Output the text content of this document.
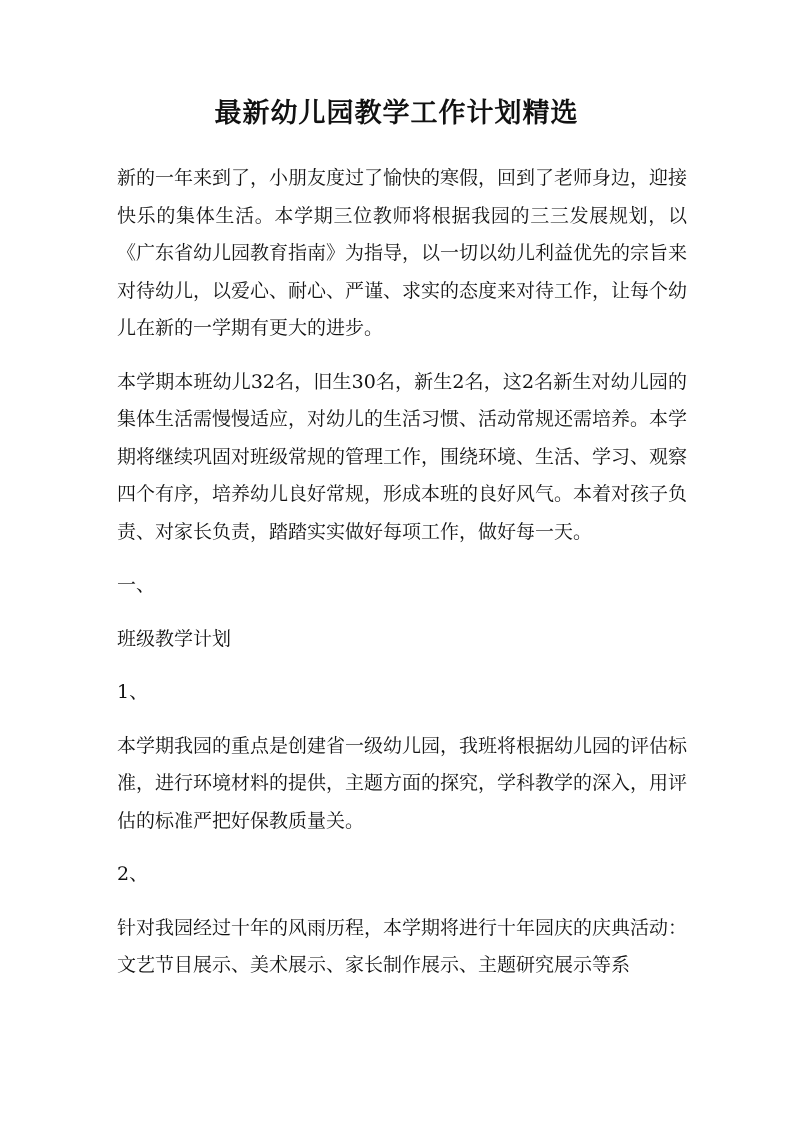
最新幼儿园教学工作计划精选

新的一年来到了，小朋友度过了愉快的寒假，回到了老师身边，迎接快乐的集体生活。本学期三位教师将根据我园的三三发展规划，以《广东省幼儿园教育指南》为指导，以一切以幼儿利益优先的宗旨来对待幼儿，以爱心、耐心、严谨、求实的态度来对待工作，让每个幼儿在新的一学期有更大的进步。

本学期本班幼儿32名，旧生30名，新生2名，这2名新生对幼儿园的集体生活需慢慢适应，对幼儿的生活习惯、活动常规还需培养。本学期将继续巩固对班级常规的管理工作，围绕环境、生活、学习、观察四个有序，培养幼儿良好常规，形成本班的良好风气。本着对孩子负责、对家长负责，踏踏实实做好每项工作，做好每一天。

一、

班级教学计划

1、

本学期我园的重点是创建省一级幼儿园，我班将根据幼儿园的评估标准，进行环境材料的提供，主题方面的探究，学科教学的深入，用评估的标准严把好保教质量关。

2、

针对我园经过十年的风雨历程，本学期将进行十年园庆的庆典活动：文艺节目展示、美术展示、家长制作展示、主题研究展示等系
